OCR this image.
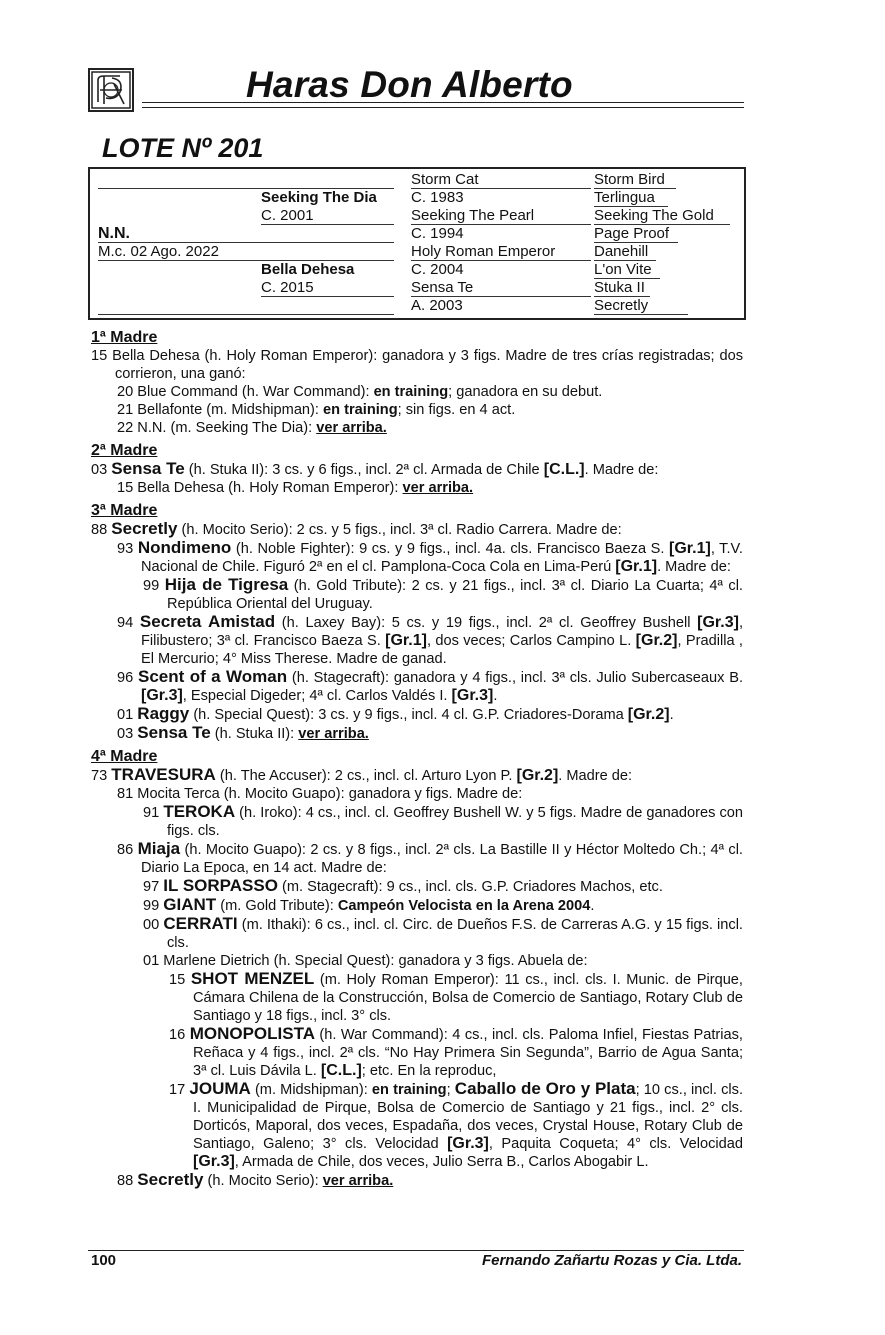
Haras Don Alberto
LOTE Nº 201
Storm Bird
Terlingua
Seeking The Gold
Page Proof
Danehill
L'on Vite
Stuka II
Secretly
Storm Cat
C. 1983
Seeking The Pearl
C. 1994
Holy Roman Emperor
C. 2004
Sensa Te
A. 2003
Seeking The Dia
C. 2001
Bella Dehesa
C. 2015
N.N.
M.c. 02 Ago. 2022
1ª Madre
15 Bella Dehesa (h. Holy Roman Emperor): ganadora y 3 figs. Madre de tres crías registradas; dos corrieron, una ganó:
20 Blue Command (h. War Command): en training; ganadora en su debut.
21 Bellafonte (m. Midshipman): en training; sin figs. en 4 act.
22 N.N. (m. Seeking The Dia): ver arriba.
2ª Madre
03 Sensa Te (h. Stuka II): 3 cs. y 6 figs., incl. 2ª cl. Armada de Chile [C.L.]. Madre de:
15 Bella Dehesa (h. Holy Roman Emperor): ver arriba.
3ª Madre
88 Secretly (h. Mocito Serio): 2 cs. y 5 figs., incl. 3ª cl. Radio Carrera. Madre de:
93 Nondimeno (h. Noble Fighter): 9 cs. y 9 figs., incl. 4a. cls. Francisco Baeza S. [Gr.1], T.V. Nacional de Chile. Figuró 2ª en el cl. Pamplona-Coca Cola en Lima-Perú [Gr.1]. Madre de:
99 Hija de Tigresa (h. Gold Tribute): 2 cs. y 21 figs., incl. 3ª cl. Diario La Cuarta; 4ª cl. República Oriental del Uruguay.
94 Secreta Amistad (h. Laxey Bay): 5 cs. y 19 figs., incl. 2ª cl. Geoffrey Bushell [Gr.3], Filibustero; 3ª cl. Francisco Baeza S. [Gr.1], dos veces; Carlos Campino L. [Gr.2], Pradilla , El Mercurio; 4° Miss Therese. Madre de ganad.
96 Scent of a Woman (h. Stagecraft): ganadora y 4 figs., incl. 3ª cls. Julio Subercaseaux B. [Gr.3], Especial Digeder; 4ª cl. Carlos Valdés I. [Gr.3].
01 Raggy (h. Special Quest): 3 cs. y 9 figs., incl. 4 cl. G.P. Criadores-Dorama [Gr.2].
03 Sensa Te (h. Stuka II): ver arriba.
4ª Madre
73 TRAVESURA (h. The Accuser): 2 cs., incl. cl. Arturo Lyon P. [Gr.2]. Madre de:
81 Mocita Terca (h. Mocito Guapo): ganadora y figs. Madre de:
91 TEROKA (h. Iroko): 4 cs., incl. cl. Geoffrey Bushell W. y 5 figs. Madre de ganadores con figs. cls.
86 Miaja (h. Mocito Guapo): 2 cs. y 8 figs., incl. 2ª cls. La Bastille II y Héctor Moltedo Ch.; 4ª cl. Diario La Epoca, en 14 act. Madre de:
97 IL SORPASSO (m. Stagecraft): 9 cs., incl. cls. G.P. Criadores Machos, etc.
99 GIANT (m. Gold Tribute): Campeón Velocista en la Arena 2004.
00 CERRATI (m. Ithaki): 6 cs., incl. cl. Circ. de Dueños F.S. de Carreras A.G. y 15 figs. incl. cls.
01 Marlene Dietrich (h. Special Quest): ganadora y 3 figs. Abuela de:
15 SHOT MENZEL (m. Holy Roman Emperor): 11 cs., incl. cls. I. Munic. de Pirque, Cámara Chilena de la Construcción, Bolsa de Comercio de Santiago, Rotary Club de Santiago y 18 figs., incl. 3° cls.
16 MONOPOLISTA (h. War Command): 4 cs., incl. cls. Paloma Infiel, Fiestas Patrias, Reñaca y 4 figs., incl. 2ª cls. “No Hay Primera Sin Segunda”, Barrio de Agua Santa; 3ª cl. Luis Dávila L. [C.L.]; etc. En la reproduc,
17 JOUMA (m. Midshipman): en training; Caballo de Oro y Plata; 10 cs., incl. cls. I. Municipalidad de Pirque, Bolsa de Comercio de Santiago y 21 figs., incl. 2° cls. Dorticós, Maporal, dos veces, Espadaña, dos veces, Crystal House, Rotary Club de Santiago, Galeno; 3° cls. Velocidad [Gr.3], Paquita Coqueta; 4° cls. Velocidad [Gr.3], Armada de Chile, dos veces, Julio Serra B., Carlos Abogabir L.
88 Secretly (h. Mocito Serio): ver arriba.
100	Fernando Zañartu Rozas y Cia. Ltda.
